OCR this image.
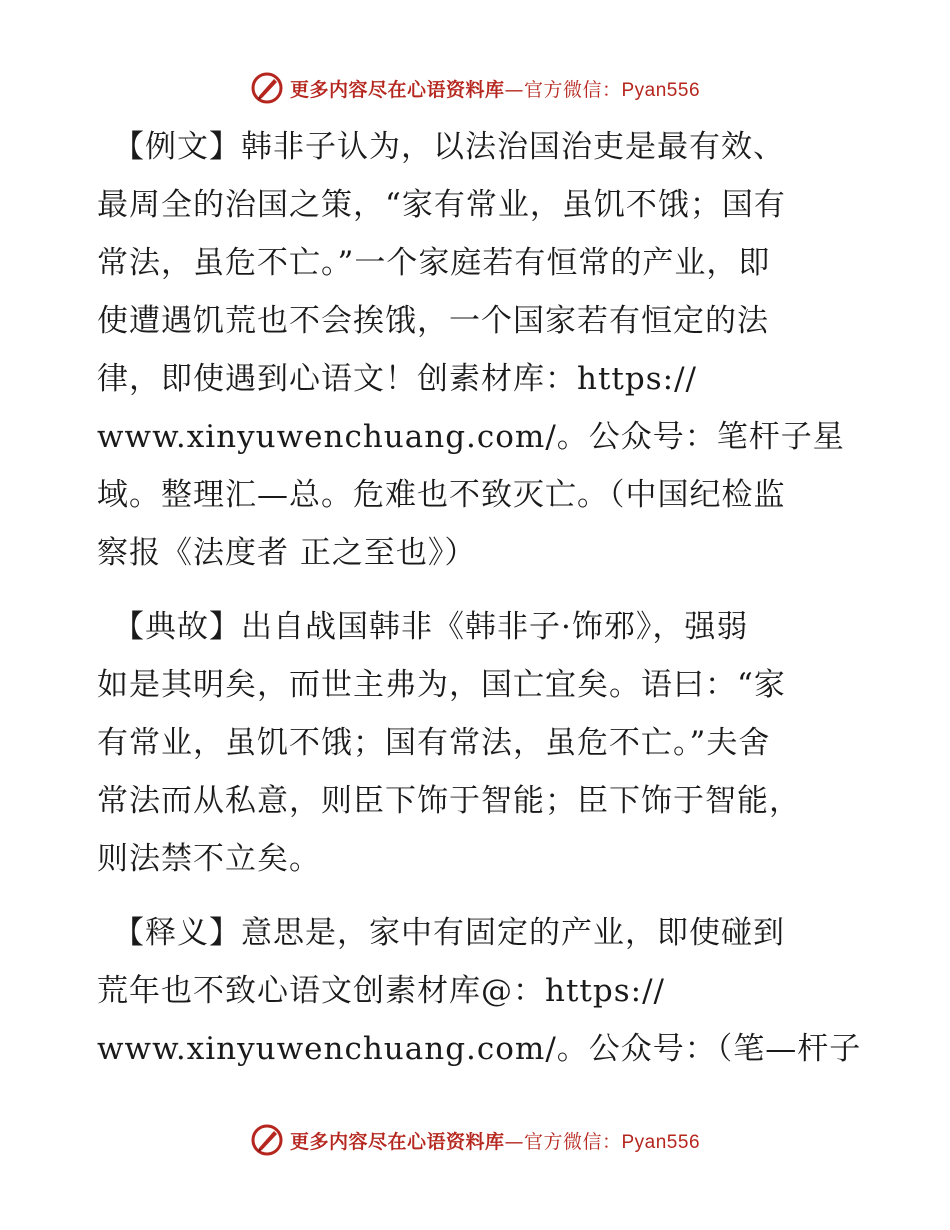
更多内容尽在心语资料库—官方微信：Pyan556

【例文】韩非子认为，以法治国治吏是最有效、
最周全的治国之策，“家有常业，虽饥不饿；国有
常法，虽危不亡。”一个家庭若有恒常的产业，即
使遭遇饥荒也不会挨饿，一个国家若有恒定的法
律，即使遇到心语文！创素材库：https://
www.xinyuwenchuang.com/。公众号：笔杆子星
域。整理汇—总。危难也不致灭亡。（中国纪检监
察报《法度者 正之至也》）

【典故】出自战国韩非《韩非子·饰邪》，强弱
如是其明矣，而世主弗为，国亡宜矣。语曰：“家
有常业，虽饥不饿；国有常法，虽危不亡。”夫舍
常法而从私意，则臣下饰于智能；臣下饰于智能，
则法禁不立矣。

【释义】意思是，家中有固定的产业，即使碰到
荒年也不致心语文创素材库@：https://
www.xinyuwenchuang.com/。公众号：（笔—杆子

更多内容尽在心语资料库—官方微信：Pyan556
